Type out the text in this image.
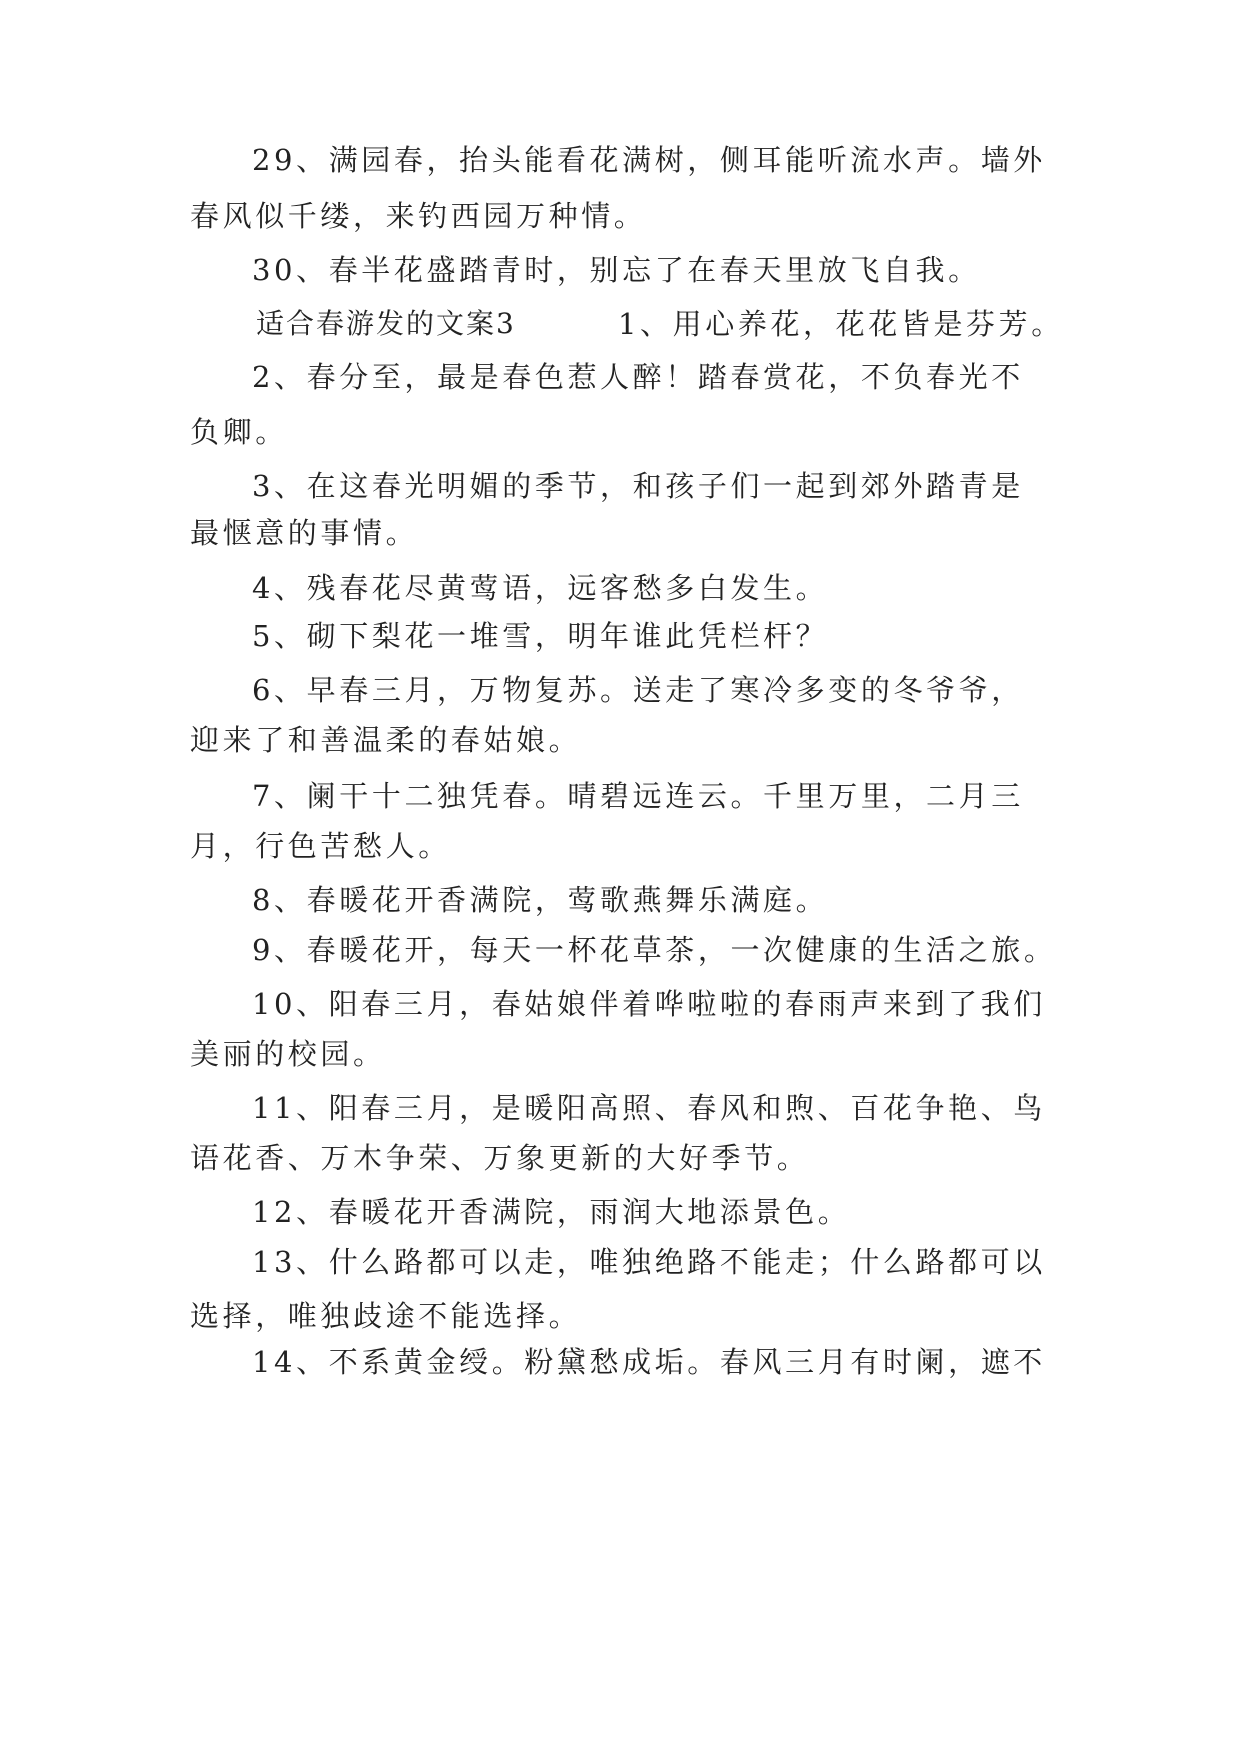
29、满园春，抬头能看花满树，侧耳能听流水声。墙外
春风似千缕，来钓西园万种情。
30、春半花盛踏青时，别忘了在春天里放飞自我。
适合春游发的文案3	1、用心养花，花花皆是芬芳。
2、春分至，最是春色惹人醉！踏春赏花，不负春光不
负卿。
3、在这春光明媚的季节，和孩子们一起到郊外踏青是
最惬意的事情。
4、残春花尽黄莺语，远客愁多白发生。
5、砌下梨花一堆雪，明年谁此凭栏杆？
6、早春三月，万物复苏。送走了寒冷多变的冬爷爷，
迎来了和善温柔的春姑娘。
7、阑干十二独凭春。晴碧远连云。千里万里，二月三
月，行色苦愁人。
8、春暖花开香满院，莺歌燕舞乐满庭。
9、春暖花开，每天一杯花草茶，一次健康的生活之旅。
10、阳春三月，春姑娘伴着哗啦啦的春雨声来到了我们
美丽的校园。
11、阳春三月，是暖阳高照、春风和煦、百花争艳、鸟
语花香、万木争荣、万象更新的大好季节。
12、春暖花开香满院，雨润大地添景色。
13、什么路都可以走，唯独绝路不能走；什么路都可以
选择，唯独歧途不能选择。
14、不系黄金绶。粉黛愁成垢。春风三月有时阑，遮不
